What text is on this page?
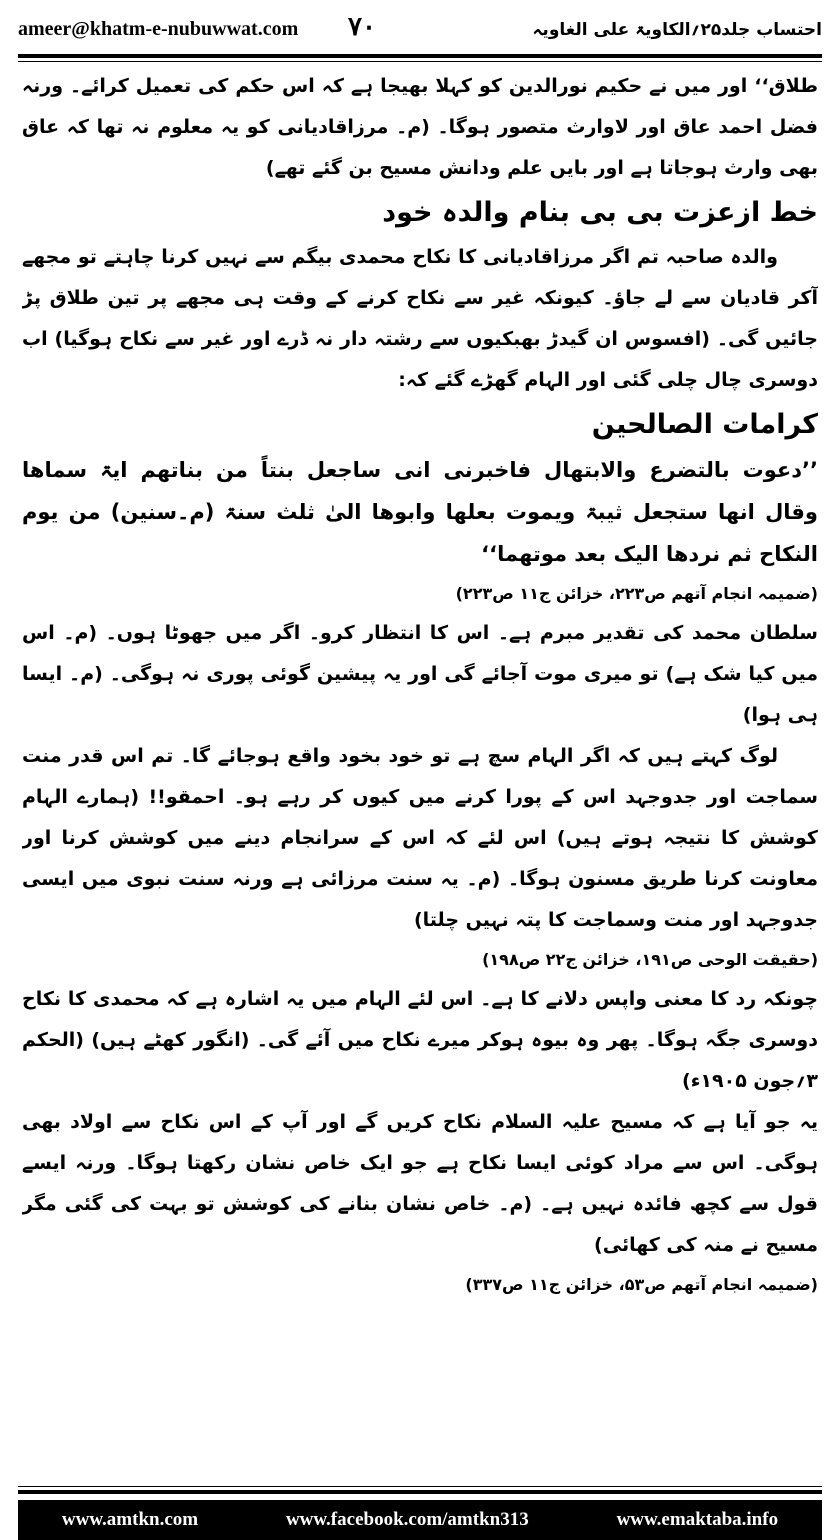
ameer@khatm-e-nubuwwat.com ۷۰	احتساب جلد۲۵؍الکاویۃ علی الغاویہ

طلاق‘‘ اور میں نے حکیم نورالدین کو کہلا بھیجا ہے کہ اس حکم کی تعمیل کرائے۔ ورنہ فضل احمد عاق اور لاوارث متصور ہوگا۔ (م۔ مرزاقادیانی کو یہ معلوم نہ تھا کہ عاق بھی وارث ہوجاتا ہے اور بایں علم ودانش مسیح بن گئے تھے)

خط ازعزت بی بی بنام والدہ خود

والدہ صاحبہ تم اگر مرزاقادیانی کا نکاح محمدی بیگم سے نہیں کرنا چاہتے تو مجھے آکر قادیان سے لے جاؤ۔ کیونکہ غیر سے نکاح کرنے کے وقت ہی مجھے پر تین طلاق پڑ جائیں گی۔ (افسوس ان گیدڑ بھبکیوں سے رشتہ دار نہ ڈرے اور غیر سے نکاح ہوگیا) اب دوسری چال چلی گئی اور الہام گھڑے گئے کہ:

کرامات الصالحین

’’دعوت بالتضرع والابتھال فاخبرنی انی ساجعل بنتاً من بناتھم ایۃ سماھا وقال انھا ستجعل ثیبۃ ویموت بعلھا وابوھا الیٰ ثلث سنۃ (م۔سنین) من یوم النکاح ثم نردھا الیک بعد موتھما‘‘

(ضمیمہ انجام آتھم ص۲۲۳، خزائن ج۱۱ ص۲۲۳)

سلطان محمد کی تقدیر مبرم ہے۔ اس کا انتظار کرو۔ اگر میں جھوٹا ہوں۔ (م۔ اس میں کیا شک ہے) تو میری موت آجائے گی اور یہ پیشین گوئی پوری نہ ہوگی۔ (م۔ ایسا ہی ہوا)

لوگ کہتے ہیں کہ اگر الہام سچ ہے تو خود بخود واقع ہوجائے گا۔ تم اس قدر منت سماجت اور جدوجہد اس کے پورا کرنے میں کیوں کر رہے ہو۔ احمقو!! (ہمارے الہام کوشش کا نتیجہ ہوتے ہیں) اس لئے کہ اس کے سرانجام دینے میں کوشش کرنا اور معاونت کرنا طریق مسنون ہوگا۔ (م۔ یہ سنت مرزائی ہے ورنہ سنت نبوی میں ایسی جدوجہد اور منت وسماجت کا پتہ نہیں چلتا)

(حقیقت الوحی ص۱۹۱، خزائن ج۲۲ ص۱۹۸)

چونکہ رد کا معنی واپس دلانے کا ہے۔ اس لئے الہام میں یہ اشارہ ہے کہ محمدی کا نکاح دوسری جگہ ہوگا۔ پھر وہ بیوہ ہوکر میرے نکاح میں آئے گی۔ (انگور کھٹے ہیں) (الحکم ۳؍جون ۱۹۰۵ء)

یہ جو آیا ہے کہ مسیح علیہ السلام نکاح کریں گے اور آپ کے اس نکاح سے اولاد بھی ہوگی۔ اس سے مراد کوئی ایسا نکاح ہے جو ایک خاص نشان رکھتا ہوگا۔ ورنہ ایسے قول سے کچھ فائدہ نہیں ہے۔ (م۔ خاص نشان بنانے کی کوشش تو بہت کی گئی مگر مسیح نے منہ کی کھائی)

(ضمیمہ انجام آتھم ص۵۳، خزائن ج۱۱ ص۳۳۷)

www.amtkn.com	www.facebook.com/amtkn313	www.emaktaba.info
